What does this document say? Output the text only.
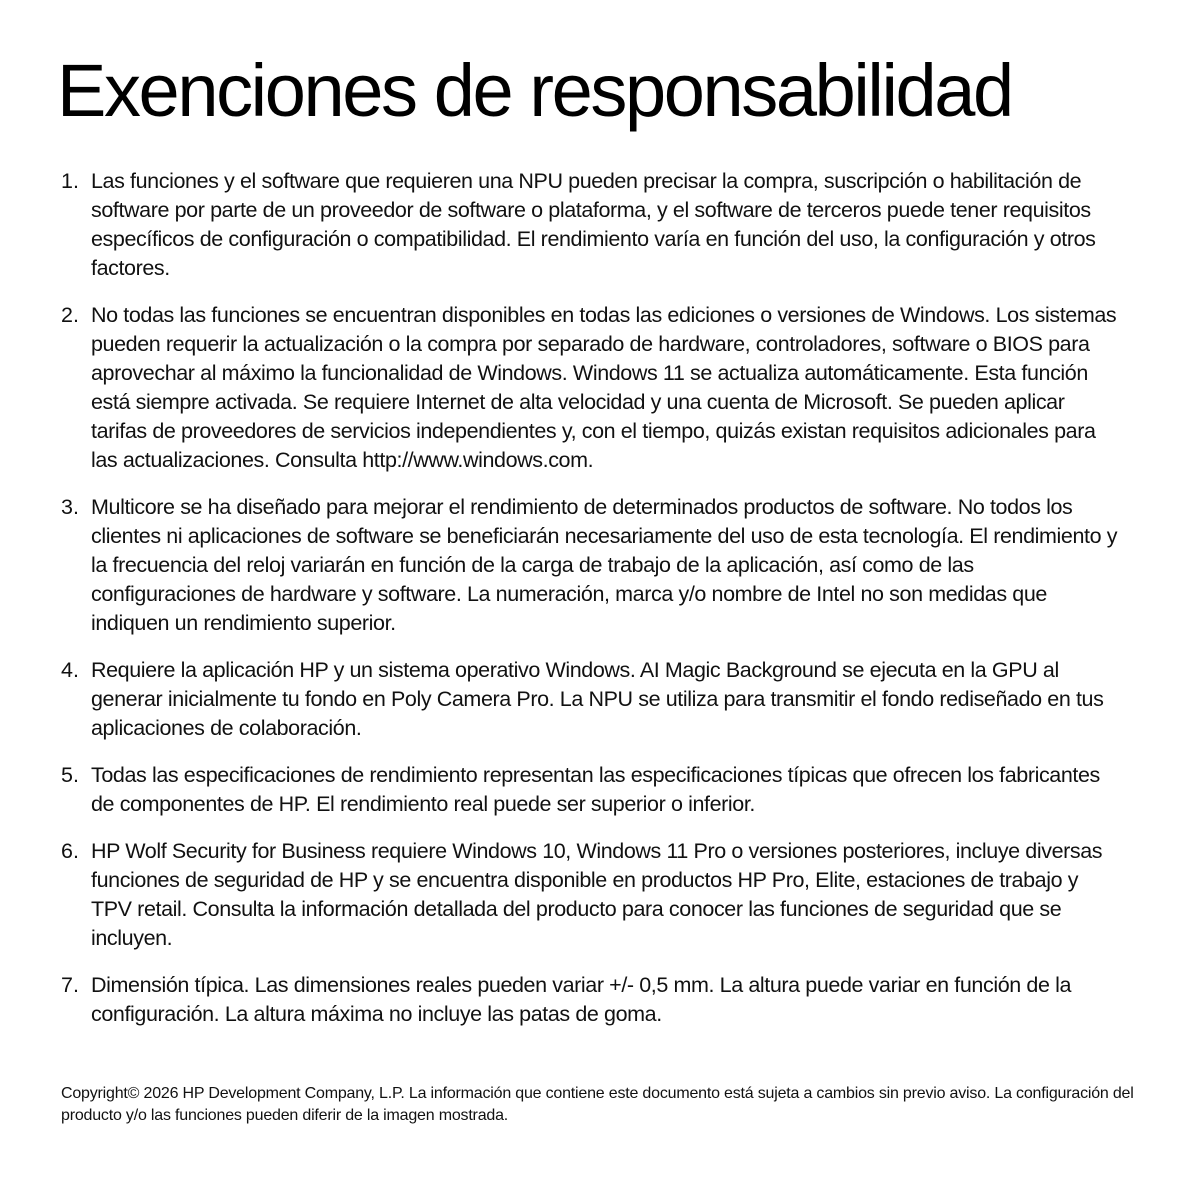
Exenciones de responsabilidad
1. Las funciones y el software que requieren una NPU pueden precisar la compra, suscripción o habilitación de software por parte de un proveedor de software o plataforma, y el software de terceros puede tener requisitos específicos de configuración o compatibilidad. El rendimiento varía en función del uso, la configuración y otros factores.

2. No todas las funciones se encuentran disponibles en todas las ediciones o versiones de Windows. Los sistemas pueden requerir la actualización o la compra por separado de hardware, controladores, software o BIOS para aprovechar al máximo la funcionalidad de Windows. Windows 11 se actualiza automáticamente. Esta función está siempre activada. Se requiere Internet de alta velocidad y una cuenta de Microsoft. Se pueden aplicar tarifas de proveedores de servicios independientes y, con el tiempo, quizás existan requisitos adicionales para las actualizaciones. Consulta http://www.windows.com.

3. Multicore se ha diseñado para mejorar el rendimiento de determinados productos de software. No todos los clientes ni aplicaciones de software se beneficiarán necesariamente del uso de esta tecnología. El rendimiento y la frecuencia del reloj variarán en función de la carga de trabajo de la aplicación, así como de las configuraciones de hardware y software. La numeración, marca y/o nombre de Intel no son medidas que indiquen un rendimiento superior.

4. Requiere la aplicación HP y un sistema operativo Windows. AI Magic Background se ejecuta en la GPU al generar inicialmente tu fondo en Poly Camera Pro. La NPU se utiliza para transmitir el fondo rediseñado en tus aplicaciones de colaboración.

5. Todas las especificaciones de rendimiento representan las especificaciones típicas que ofrecen los fabricantes de componentes de HP. El rendimiento real puede ser superior o inferior.

6. HP Wolf Security for Business requiere Windows 10, Windows 11 Pro o versiones posteriores, incluye diversas funciones de seguridad de HP y se encuentra disponible en productos HP Pro, Elite, estaciones de trabajo y TPV retail. Consulta la información detallada del producto para conocer las funciones de seguridad que se incluyen.

7. Dimensión típica. Las dimensiones reales pueden variar +/- 0,5 mm. La altura puede variar en función de la configuración. La altura máxima no incluye las patas de goma.

Copyright© 2026 HP Development Company, L.P. La información que contiene este documento está sujeta a cambios sin previo aviso. La configuración del producto y/o las funciones pueden diferir de la imagen mostrada.
